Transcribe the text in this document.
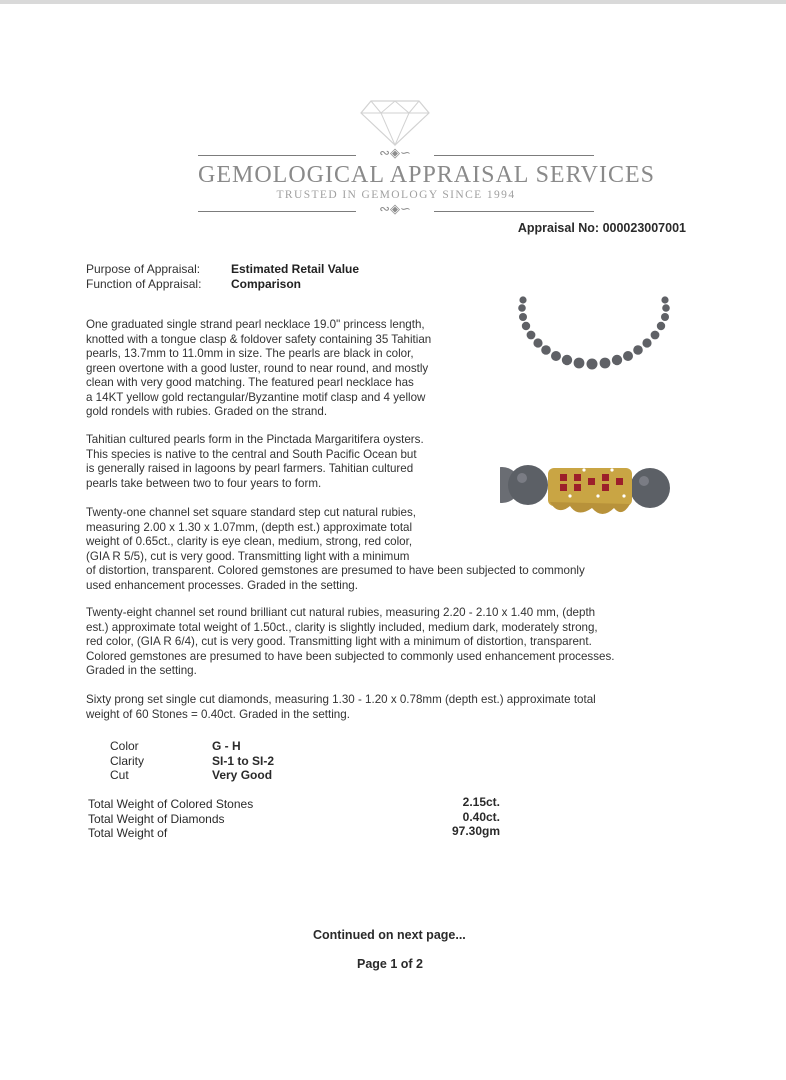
∾◈∽
GEMOLOGICAL APPRAISAL SERVICES
TRUSTED IN GEMOLOGY SINCE 1994
∾◈∽
Appraisal No: 000023007001
Purpose of Appraisal:	Estimated Retail Value
Function of Appraisal: Comparison

One graduated single strand pearl necklace 19.0" princess length,

knotted with a tongue clasp & foldover safety containing 35 Tahitian

pearls, 13.7mm to 11.0mm in size. The pearls are black in color,

green overtone with a good luster, round to near round, and mostly

clean with very good matching. The featured pearl necklace has

a 14KT yellow gold rectangular/Byzantine motif clasp and 4 yellow

gold rondels with rubies. Graded on the strand.

Tahitian cultured pearls form in the Pinctada Margaritifera oysters.

This species is native to the central and South Pacific Ocean but

is generally raised in lagoons by pearl farmers. Tahitian cultured

pearls take between two to four years to form.

Twenty-one channel set square standard step cut natural rubies,

measuring 2.00 x 1.30 x 1.07mm, (depth est.) approximate total

weight of 0.65ct., clarity is eye clean, medium, strong, red color,

(GIA R 5/5), cut is very good. Transmitting light with a minimum

of distortion, transparent. Colored gemstones are presumed to have been subjected to commonly

used enhancement processes. Graded in the setting.

Twenty-eight channel set round brilliant cut natural rubies, measuring 2.20 - 2.10 x 1.40 mm, (depth

est.) approximate total weight of 1.50ct., clarity is slightly included, medium dark, moderately strong,

red color, (GIA R 6/4), cut is very good. Transmitting light with a minimum of distortion, transparent.

Colored gemstones are presumed to have been subjected to commonly used enhancement processes.

Graded in the setting.

Sixty prong set single cut diamonds, measuring 1.30 - 1.20 x 0.78mm (depth est.) approximate total

weight of 60 Stones = 0.40ct. Graded in the setting.

Color	G - H
Clarity	SI-1 to SI-2
Cut	Very Good
Total Weight of Colored Stones	2.15ct.
Total Weight of Diamonds	0.40ct.
Total Weight of	97.30gm
Continued on next page...
Page 1 of 2
